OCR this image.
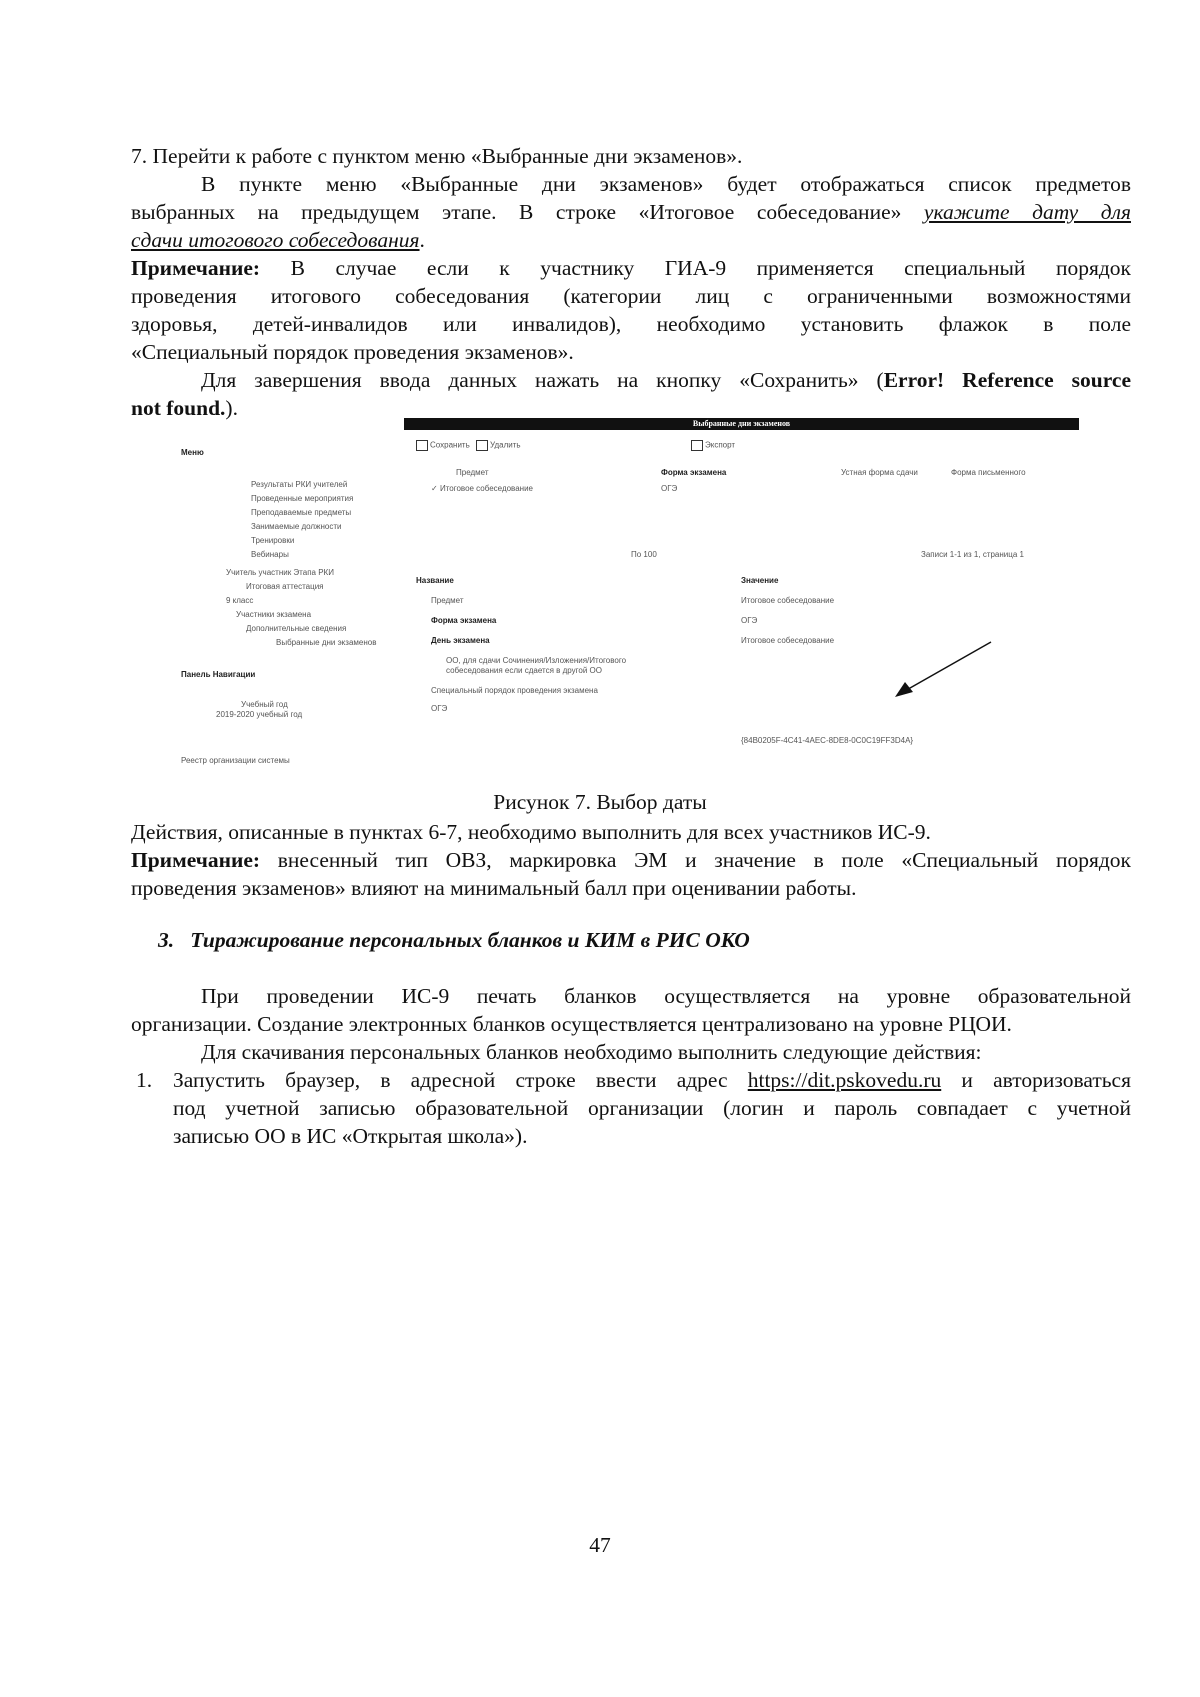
7. Перейти к работе с пунктом меню «Выбранные дни экзаменов».

В пункте меню «Выбранные дни экзаменов» будет отображаться список предметов

выбранных на предыдущем этапе. В строке «Итоговое собеседование» укажите дату для

сдачи итогового собеседования.

Примечание: В случае если к участнику ГИА-9 применяется специальный порядок

проведения итогового собеседования (категории лиц с ограниченными возможностями

здоровья, детей-инвалидов или инвалидов), необходимо установить флажок в поле

«Специальный порядок проведения экзаменов».

Для завершения ввода данных нажать на кнопку «Сохранить» (Error! Reference source

not found.).

Выбранные дни экзаменов
Меню
Результаты РКИ учителей
Проведенные мероприятия
Преподаваемые предметы
Занимаемые должности
Тренировки
Вебинары
Учитель участник Этапа РКИ
Итоговая аттестация
9 класс
Участники экзамена
Дополнительные сведения
Выбранные дни экзаменов
Панель Навигации
Учебный год
2019-2020 учебный год
Реестр организации системы
Сохранить	Удалить	Экспорт
Предмет	Форма экзамена	Устная форма сдачи	Форма письменного
✓ Итоговое собеседование	ОГЭ
По 100	Записи 1-1 из 1, страница 1
Название	Значение
Предмет	Итоговое собеседование
Форма экзамена	ОГЭ
День экзамена	Итоговое собеседование
ОО, для сдачи Сочинения/Изложения/Итогового
собеседования если сдается в другой ОО
Специальный порядок проведения экзамена
ОГЭ
{84B0205F-4C41-4AEC-8DE8-0C0C19FF3D4A}
Рисунок 7. Выбор даты

Действия, описанные в пунктах 6-7, необходимо выполнить для всех участников ИС-9.

Примечание: внесенный тип ОВЗ, маркировка ЭМ и значение в поле «Специальный порядок

проведения экзаменов» влияют на минимальный балл при оценивании работы.

3. Тиражирование персональных бланков и КИМ в РИС ОКО

При проведении ИС-9 печать бланков осуществляется на уровне образовательной

организации. Создание электронных бланков осуществляется централизовано на уровне РЦОИ.

Для скачивания персональных бланков необходимо выполнить следующие действия:

1. Запустить браузер, в адресной строке ввести адрес https://dit.pskovedu.ru и авторизоваться

под учетной записью образовательной организации (логин и пароль совпадает с учетной

записью ОО в ИС «Открытая школа»).

47
